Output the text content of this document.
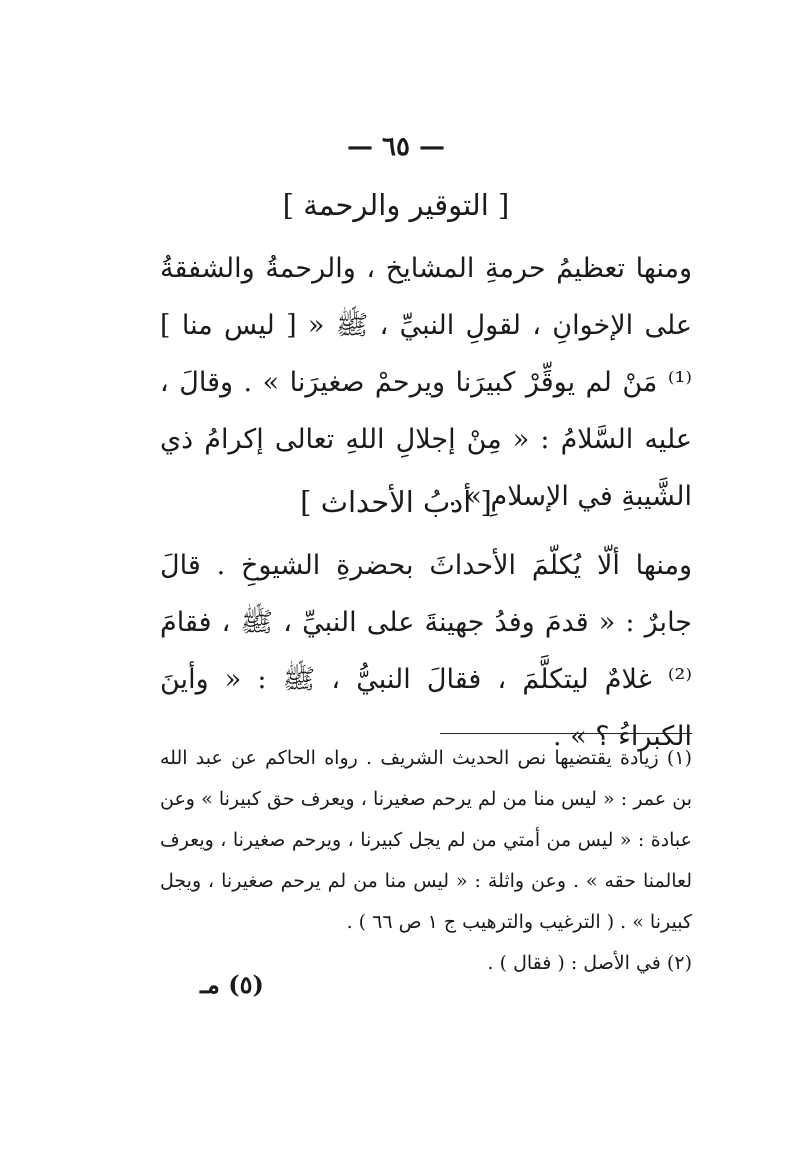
— ٦٥ —
[ التوقير والرحمة ]
ومنها تعظيمُ حرمةِ المشايخ ، والرحمةُ والشفقةُ على الإخوانِ ، لقولِ النبيِّ ، ﷺ « [ ليس منا ] ⁽¹⁾ مَنْ لم يوقِّرْ كبيرَنا ويرحمْ صغيرَنا » . وقالَ ، عليه السَّلامُ : « مِنْ إجلالِ اللهِ تعالى إكرامُ ذي الشَّيبةِ في الإسلامِ » .
[ أدبُ الأحداث ]
ومنها ألّا يُكلّمَ الأحداثَ بحضرةِ الشيوخِ . قالَ جابرٌ : « قدمَ وفدُ جهينةَ على النبيِّ ، ﷺ ، فقامَ ⁽²⁾ غلامٌ ليتكلَّمَ ، فقالَ النبيُّ ، ﷺ : « وأينَ الكبراءُ ؟ » .
(١) زيادة يقتضيها نص الحديث الشريف . رواه الحاكم عن عبد الله بن عمر : « ليس منا من لم يرحم صغيرنا ، ويعرف حق كبيرنا » وعن عبادة : « ليس من أمتي من لم يجل كبيرنا ، ويرحم صغيرنا ، ويعرف لعالمنا حقه » . وعن واثلة : « ليس منا من لم يرحم صغيرنا ، ويجل كبيرنا » . ( الترغيب والترهيب ج ١ ص ٦٦ ) .
(٢) في الأصل : ( فقال ) .
(٥) مـ
